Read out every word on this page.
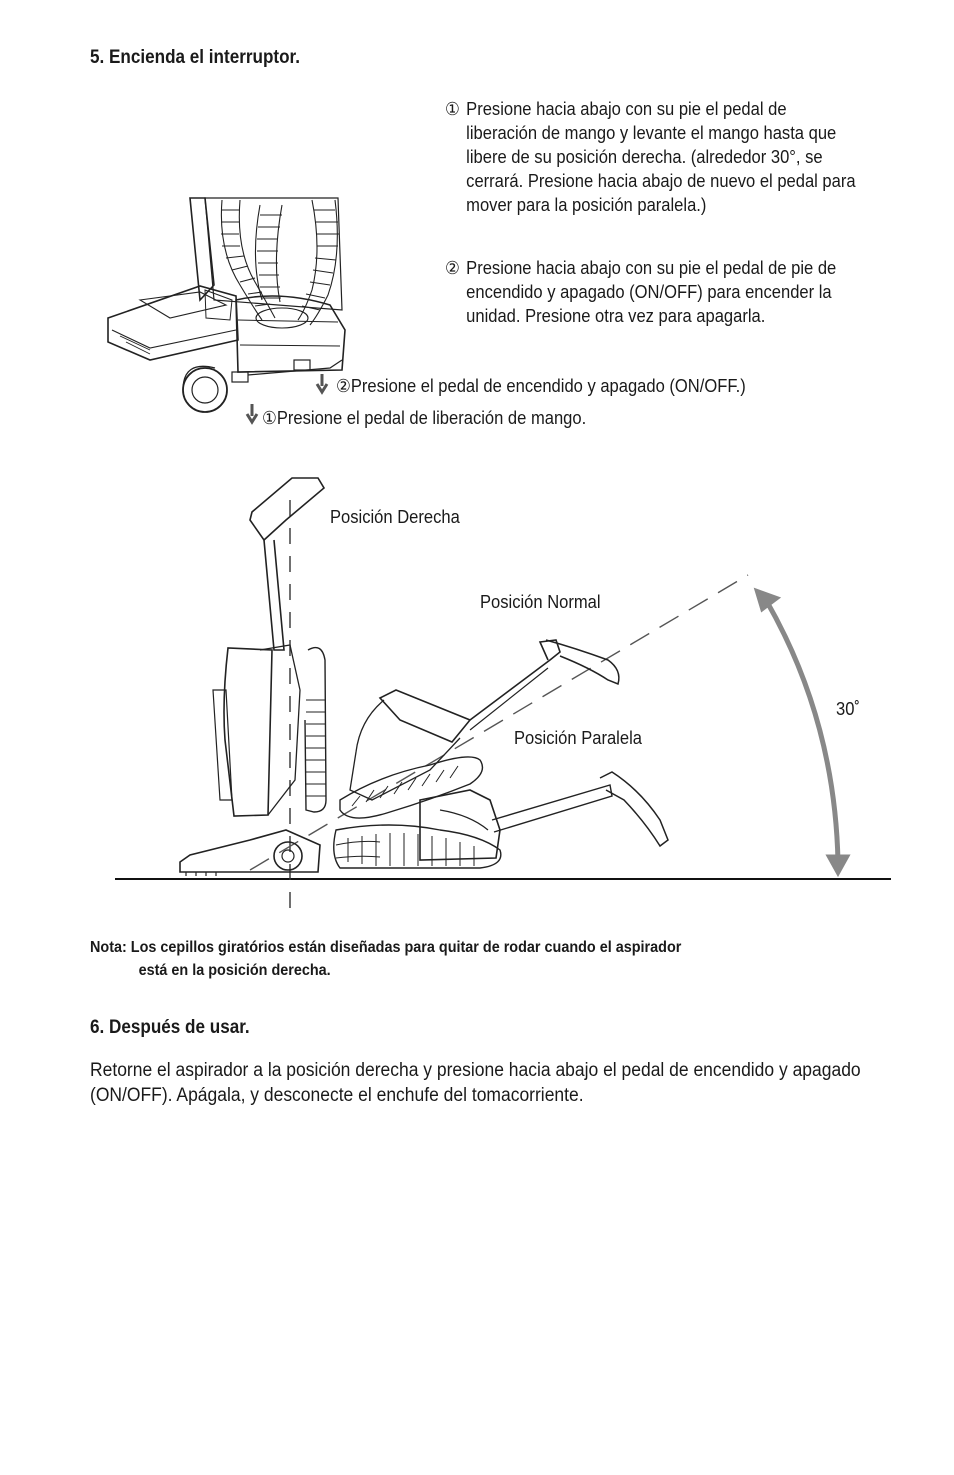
5. Encienda el interruptor.
① Presione hacia abajo con su pie el pedal de liberación de mango y levante el mango hasta que libere de su posición derecha. (alrededor 30°, se cerrará. Presione hacia abajo de nuevo el pedal para mover para la posición paralela.)
② Presione hacia abajo con su pie el pedal de pie de encendido y apagado (ON/OFF) para encender la unidad. Presione otra vez para apagarla.
②Presione el pedal de encendido y apagado (ON/OFF.)
①Presione el pedal de liberación de mango.
Posición Derecha
Posición Normal
Posición Paralela
30˚
Nota: Los cepillos giratórios están diseñadas para quitar de rodar cuando el aspirador
está en la posición derecha.
6. Después de usar.
Retorne el aspirador a la posición derecha y presione hacia abajo el pedal de encendido y apagado (ON/OFF). Apágala, y desconecte el enchufe del tomacorriente.
